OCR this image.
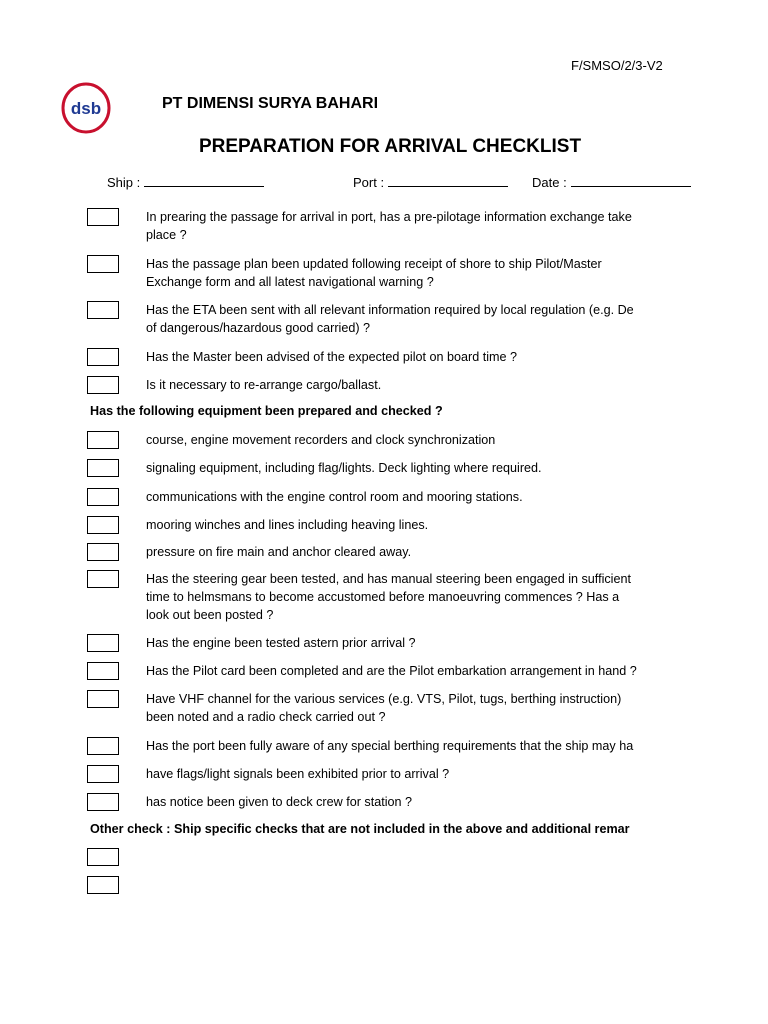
F/SMSO/2/3-V2
dsb	PT DIMENSI SURYA BAHARI
PREPARATION FOR ARRIVAL CHECKLIST
Ship :	Port :	Date :
In prearing the passage for arrival in port, has a pre-pilotage information exchange take
place ?
Has the passage plan been updated following receipt of shore to ship Pilot/Master
Exchange form and all latest navigational warning ?
Has the ETA been sent with all relevant information required by local regulation (e.g. De
of dangerous/hazardous good carried) ?
Has the Master been advised of the expected pilot on board time ?
Is it necessary to re-arrange cargo/ballast.
Has the following equipment been prepared and checked ?
course, engine movement recorders and clock synchronization
signaling equipment, including flag/lights. Deck lighting where required.
communications with the engine control room and mooring stations.
mooring winches and lines including heaving lines.
pressure on fire main and anchor cleared away.
Has the steering gear been tested, and has manual steering been engaged in sufficient
time to helmsmans to become accustomed before manoeuvring commences ? Has a
look out been posted ?
Has the engine been tested astern prior arrival ?
Has the Pilot card been completed and are the Pilot embarkation arrangement in hand ?
Have VHF channel for the various services (e.g. VTS, Pilot, tugs, berthing instruction)
been noted and a radio check carried out ?
Has the port been fully aware of any special berthing requirements that the ship may ha
have flags/light signals been exhibited prior to arrival ?
has notice been given to deck crew for station ?
Other check : Ship specific checks that are not included in the above and additional remar
